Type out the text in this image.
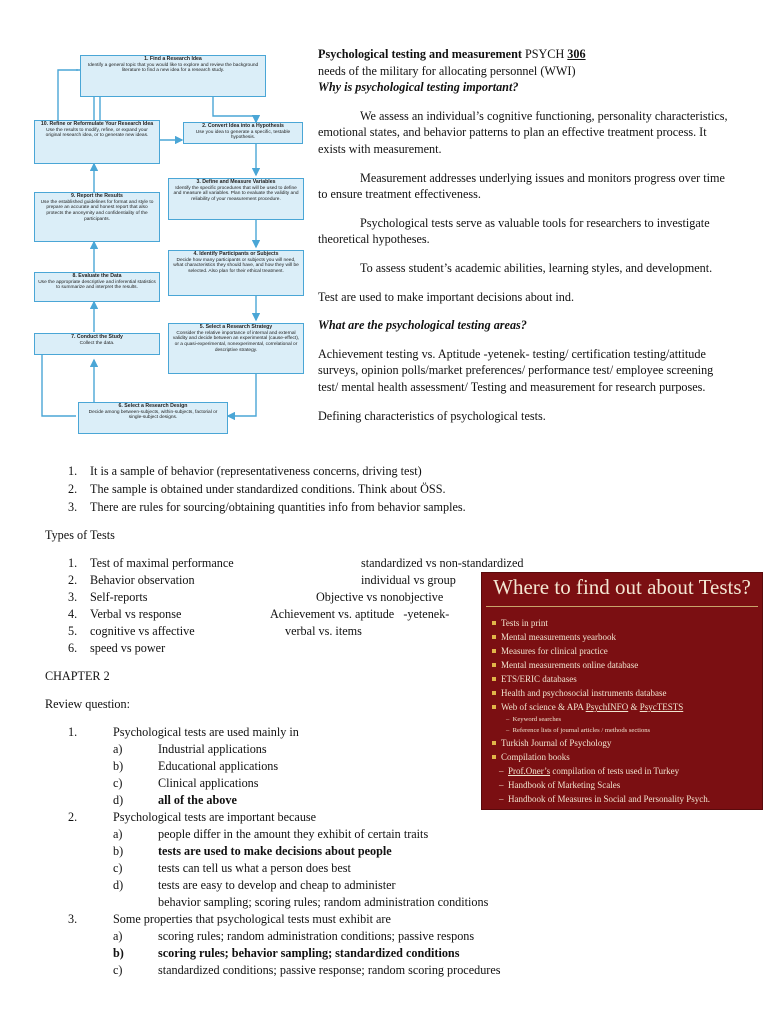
1. Find a Research Idea
Identify a general topic that you would like to explore and review the background literature to find a new idea for a research study.
2. Convert Idea into a Hypothesis
Use you idea to generate a specific, testable hypothesis.
3. Define and Measure Variables
Identify the specific procedures that will be used to define and measure all variables. Plan to evaluate the validity and reliability of your measurement procedure.
4. Identify Participants or Subjects
Decide how many participants or subjects you will need, what characteristics they should have, and how they will be selected. Also plan for their ethical treatment.
5. Select a Research Strategy
Consider the relative importance of internal and external validity and decide between an experimental (cause-effect), or a quasi-experimental, nonexperimental, correlational or descriptive strategy.
6. Select a Research Design
Decide among between-subjects, within-subjects, factorial or single-subject designs.
7. Conduct the Study
Collect the data.
8. Evaluate the Data
Use the appropriate descriptive and inferential statistics to summarize and interpret the results.
9. Report the Results
Use the established guidelines for format and style to prepare an accurate and honest report that also protects the anonymity and confidentiality of the participants.
10. Refine or Reformulate Your Research Idea
Use the results to modify, refine, or expand your original research idea, or to generate new ideas.

Psychological testing and measurement PSYCH 306

needs of the military for allocating personnel (WWI)

Why is psychological testing important?

We assess an individual’s cognitive functioning, personality characteristics, emotional states, and behavior patterns to plan an effective treatment process. It exists with measurement.

Measurement addresses underlying issues and monitors progress over time to ensure treatment effectiveness.

Psychological tests serve as valuable tools for researchers to investigate theoretical hypotheses.

To assess student’s academic abilities, learning styles, and development.

Test are used to make important decisions about ind.

What are the psychological testing areas?

Achievement testing vs. Aptitude -yetenek- testing/ certification testing/attitude surveys, opinion polls/market preferences/ performance test/ employee screening test/ mental health assessment/ Testing and measurement for research purposes.

Defining characteristics of psychological tests.

1. It is a sample of behavior (representativeness concerns, driving test)
2. The sample is obtained under standardized conditions. Think about ÖSS.
3. There are rules for sourcing/obtaining quantities info from behavior samples.
Types of Tests
1. Test of maximal performance	standardized vs non-standardized
2. Behavior observation	individual vs group
3. Self-reports	Objective vs nonobjective
4. Verbal vs response	Achievement vs. aptitude   -yetenek-
5. cognitive vs affective	verbal vs. items
6. speed vs power
CHAPTER 2
Review question:
1.	Psychological tests are used mainly in
a)	Industrial applications
b)	Educational applications
c)	Clinical applications
d)	all of the above
2.	Psychological tests are important because
a)	people differ in the amount they exhibit of certain traits
b)	tests are used to make decisions about people
c)	tests can tell us what a person does best
d)	tests are easy to develop and cheap to administer
behavior sampling; scoring rules; random administration conditions
3.	Some properties that psychological tests must exhibit are
a)	scoring rules; random administration conditions; passive respons
b)	scoring rules; behavior sampling; standardized conditions
c)	standardized conditions; passive response; random scoring procedures
Where to find out about Tests?
Tests in print
Mental measurements yearbook
Measures for clinical practice
Mental measurements online database
ETS/ERIC databases
Health and psychosocial instruments database
Web of science & APA PsychINFO & PsycTESTS
–  Keyword searches
–  Reference lists of journal articles / methods sections
Turkish Journal of Psychology
Compilation books
–  Prof.Oner’s compilation of tests used in Turkey
–  Handbook of Marketing Scales
–  Handbook of Measures in Social and Personality Psych.
